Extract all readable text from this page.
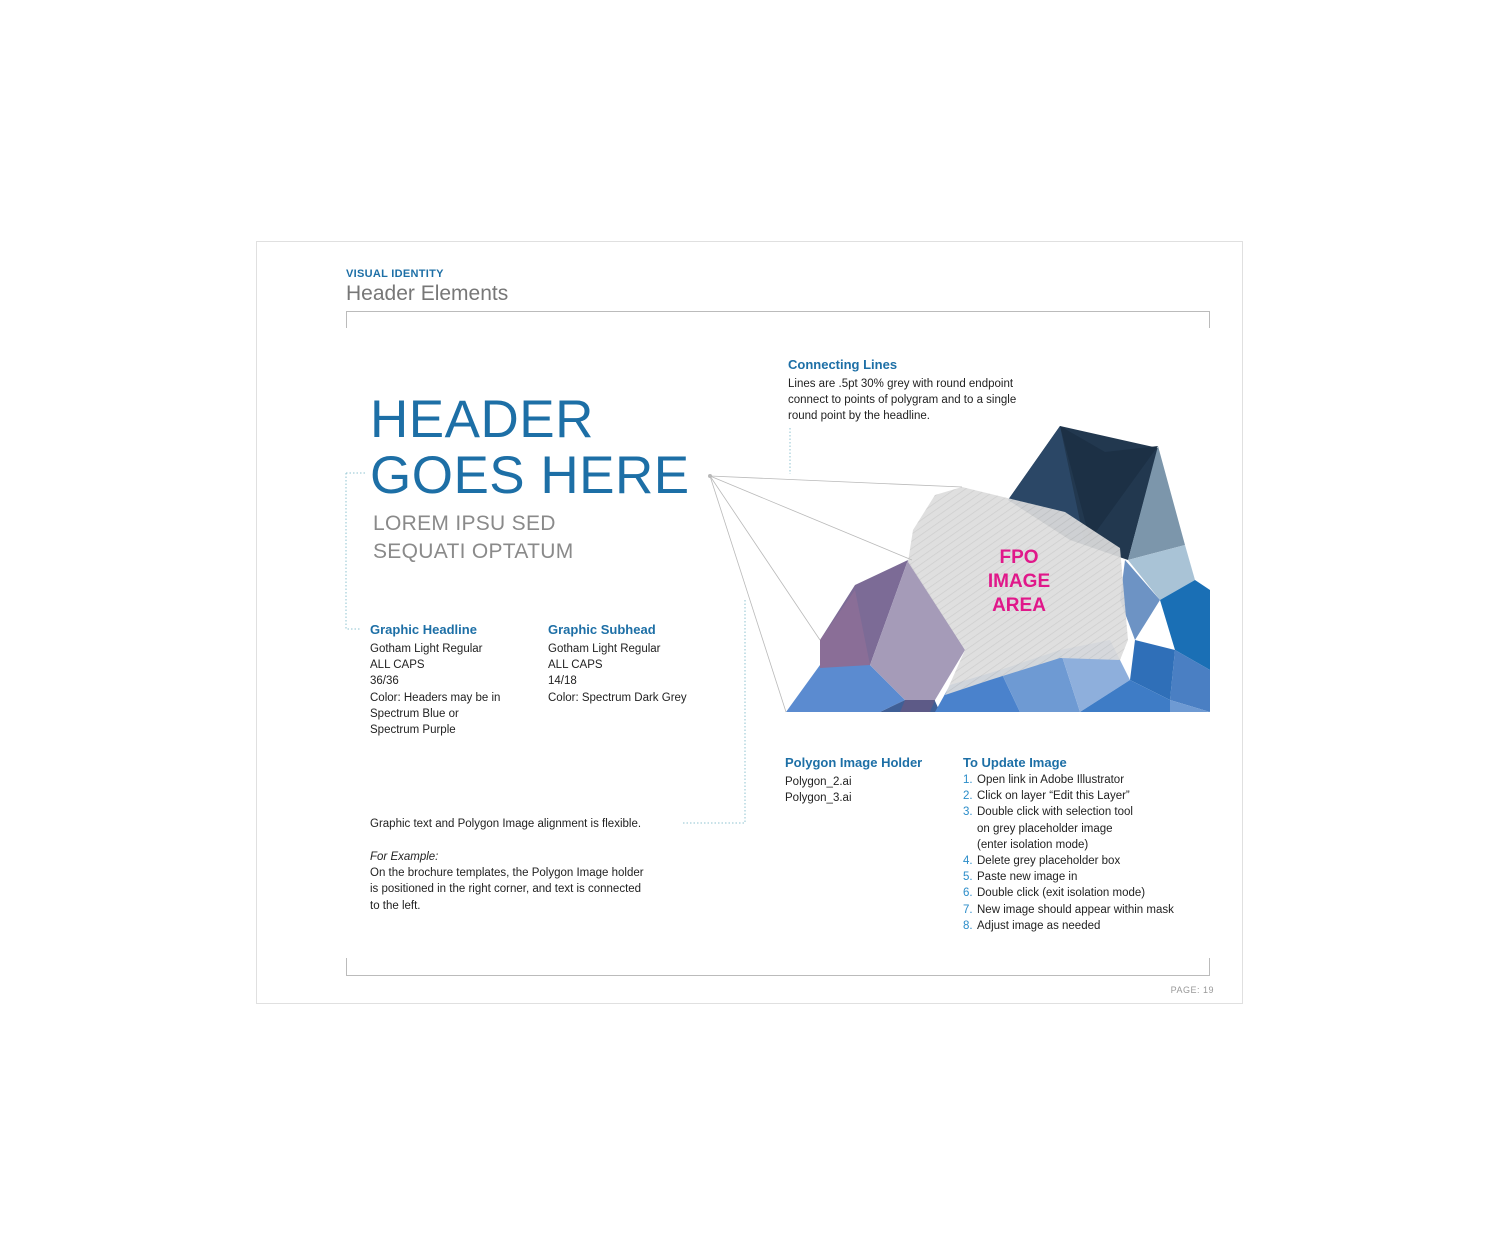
VISUAL IDENTITY
Header Elements
HEADER
GOES HERE
LOREM IPSU SED
SEQUATI OPTATUM	FPO
IMAGE
AREA
Connecting Lines
Lines are .5pt 30% grey with round endpoint
connect to points of polygram and to a single
round point by the headline.
Graphic Headline
Gotham Light Regular
ALL CAPS
36/36
Color: Headers may be in
Spectrum Blue or
Spectrum Purple
Graphic Subhead
Gotham Light Regular
ALL CAPS
14/18
Color: Spectrum Dark Grey
Graphic text and Polygon Image alignment is flexible.
For Example:
On the brochure templates, the Polygon Image holder
is positioned in the right corner, and text is connected
to the left.
Polygon Image Holder
Polygon_2.ai
Polygon_3.ai
To Update Image
1. Open link in Adobe Illustrator
2. Click on layer “Edit this Layer”
3. Double click with selection tool
on grey placeholder image
(enter isolation mode)
4. Delete grey placeholder box
5. Paste new image in
6. Double click (exit isolation mode)
7. New image should appear within mask
8. Adjust image as needed
PAGE: 19
